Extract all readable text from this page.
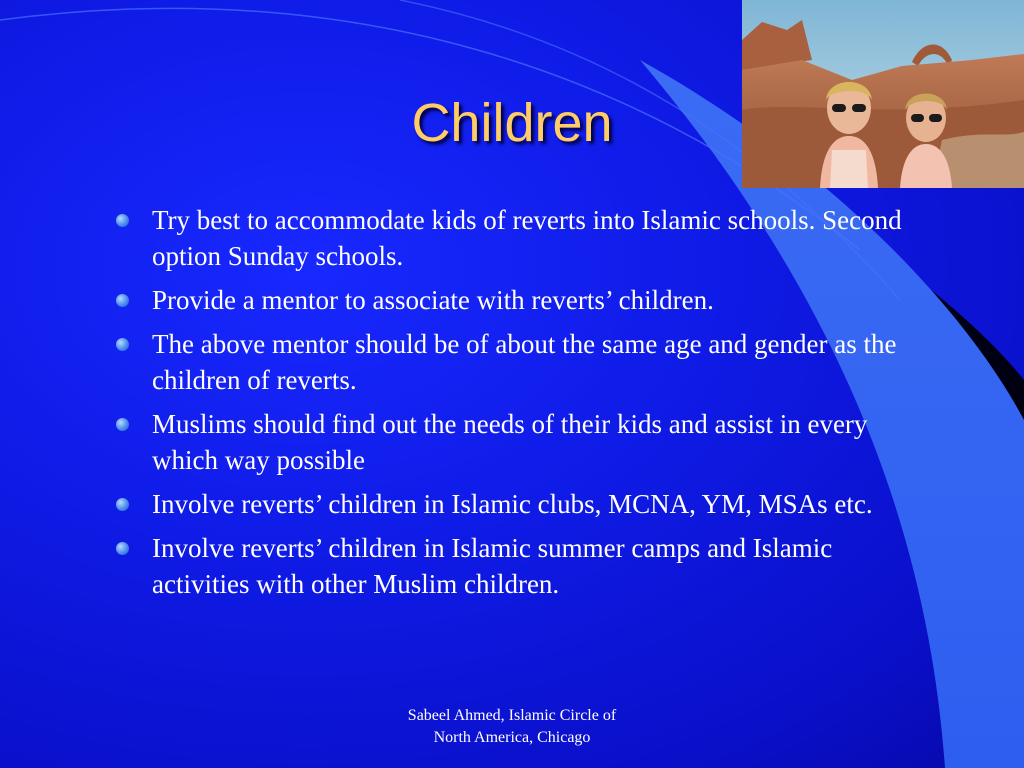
Children
Try best to accommodate kids of reverts into Islamic schools. Second option Sunday schools.
Provide a mentor to associate with reverts’ children.
The above mentor should be of about the same age and gender as the children of reverts.
Muslims should find out the needs of their kids and assist in every which way possible
Involve reverts’ children in Islamic clubs, MCNA, YM, MSAs etc.
Involve reverts’ children in Islamic summer camps and Islamic activities with other Muslim children.
Sabeel Ahmed, Islamic Circle of
North America, Chicago
